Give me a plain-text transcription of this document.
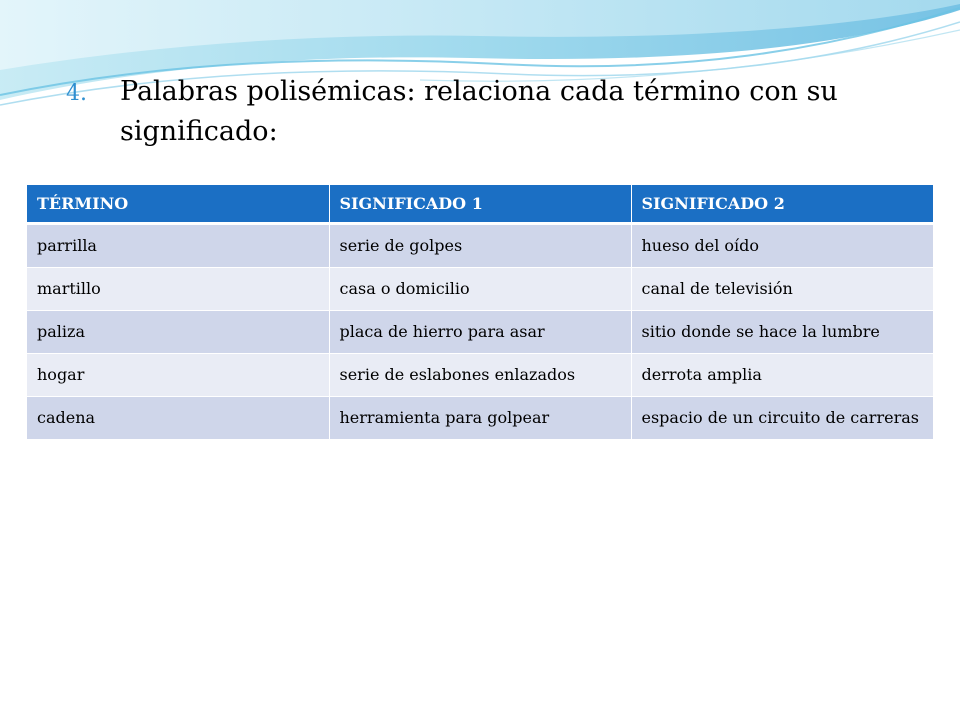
4.	Palabras polisémicas: relaciona cada término con su significado:
TÉRMINO	SIGNIFICADO 1	SIGNIFICADO 2
parrilla	serie de golpes	hueso del oído
martillo	casa o domicilio	canal de televisión
paliza	placa de hierro para asar	sitio donde se hace la lumbre
hogar	serie de eslabones enlazados	derrota amplia
cadena	herramienta para golpear	espacio de un circuito de carreras
